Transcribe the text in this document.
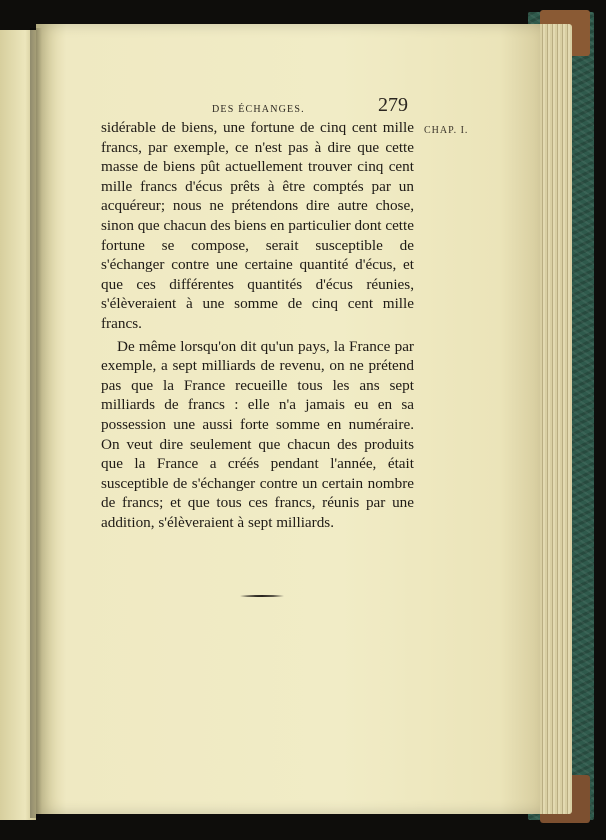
DES ÉCHANGES.	279
CHAP. I.

sidérable de biens, une fortune de cinq cent mille francs, par exemple, ce n'est pas à dire que cette masse de biens pût actuellement trouver cinq cent mille francs d'écus prêts à être comptés par un acquéreur; nous ne prétendons dire autre chose, sinon que chacun des biens en particulier dont cette fortune se compose, serait susceptible de s'échanger contre une certaine quantité d'écus, et que ces différentes quantités d'écus réunies, s'élèveraient à une somme de cinq cent mille francs.

De même lorsqu'on dit qu'un pays, la France par exemple, a sept milliards de revenu, on ne prétend pas que la France recueille tous les ans sept milliards de francs : elle n'a jamais eu en sa possession une aussi forte somme en numéraire. On veut dire seulement que chacun des produits que la France a créés pendant l'année, était susceptible de s'échanger contre un certain nombre de francs; et que tous ces francs, réunis par une addition, s'élèveraient à sept milliards.
